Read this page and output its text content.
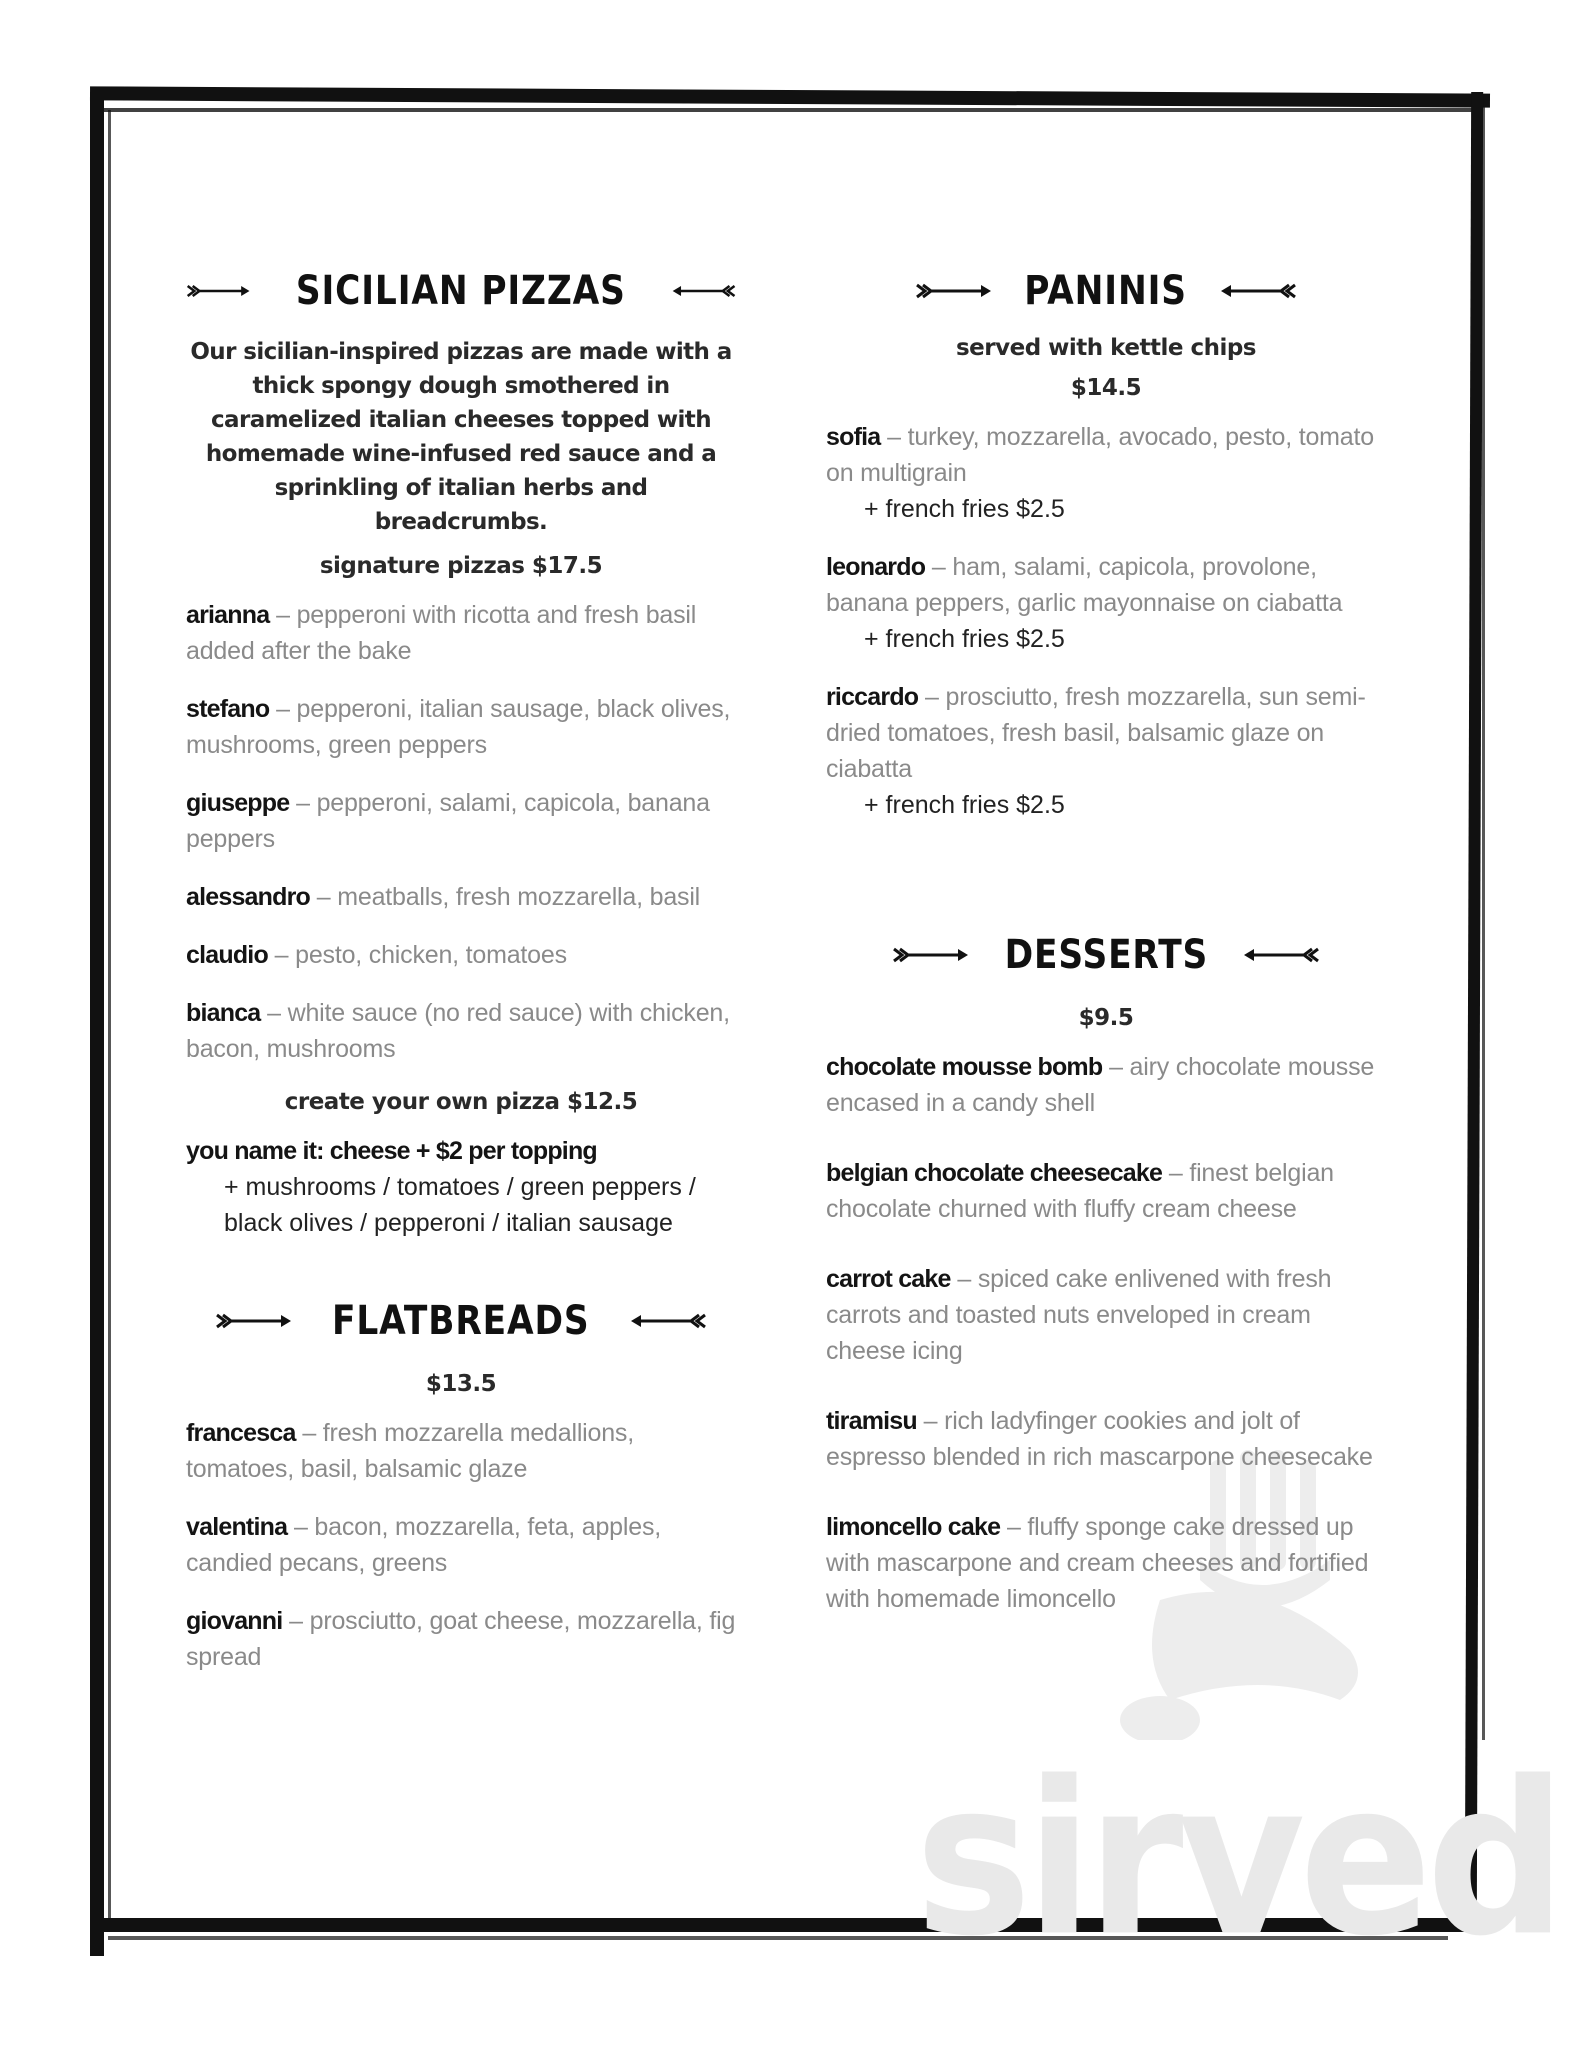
sirved
SICILIAN PIZZAS
Our sicilian-inspired pizzas are made with a thick spongy dough smothered in caramelized italian cheeses topped with homemade wine-infused red sauce and a sprinkling of italian herbs and breadcrumbs.
signature pizzas $17.5
arianna – pepperoni with ricotta and fresh basil added after the bake
stefano – pepperoni, italian sausage, black olives, mushrooms, green peppers
giuseppe – pepperoni, salami, capicola, banana peppers
alessandro – meatballs, fresh mozzarella, basil
claudio – pesto, chicken, tomatoes
bianca – white sauce (no red sauce) with chicken, bacon, mushrooms
create your own pizza $12.5
you name it: cheese + $2 per topping
+ mushrooms / tomatoes / green peppers /
black olives / pepperoni / italian sausage
FLATBREADS
$13.5
francesca – fresh mozzarella medallions, tomatoes, basil, balsamic glaze
valentina – bacon, mozzarella, feta, apples, candied pecans, greens
giovanni – prosciutto, goat cheese, mozzarella, fig spread
PANINIS
served with kettle chips
$14.5
sofia – turkey, mozzarella, avocado, pesto, tomato on multigrain
+ french fries $2.5
leonardo – ham, salami, capicola, provolone, banana peppers, garlic mayonnaise on ciabatta
+ french fries $2.5
riccardo – prosciutto, fresh mozzarella, sun semi-dried tomatoes, fresh basil, balsamic glaze on ciabatta
+ french fries $2.5
DESSERTS
$9.5
chocolate mousse bomb – airy chocolate mousse encased in a candy shell
belgian chocolate cheesecake – finest belgian chocolate churned with fluffy cream cheese
carrot cake – spiced cake enlivened with fresh carrots and toasted nuts enveloped in cream cheese icing
tiramisu – rich ladyfinger cookies and jolt of espresso blended in rich mascarpone cheesecake
limoncello cake – fluffy sponge cake dressed up with mascarpone and cream cheeses and fortified with homemade limoncello
